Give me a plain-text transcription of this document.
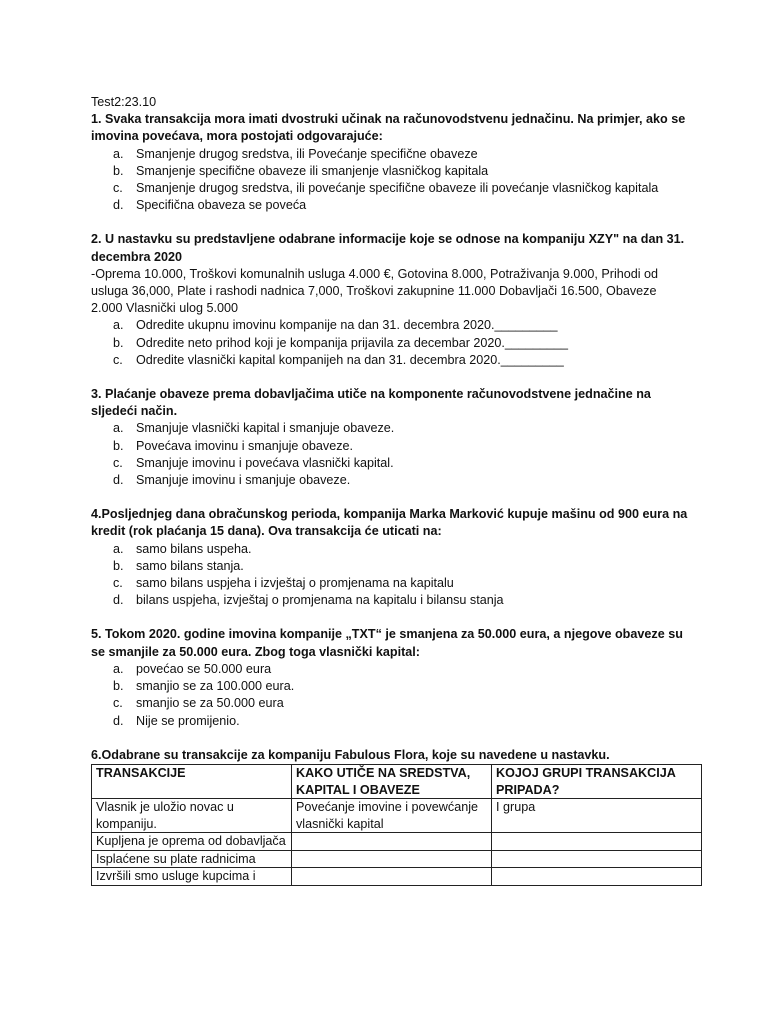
Test2:23.10

1. Svaka transakcija mora imati dvostruki učinak na računovodstvenu jednačinu. Na primjer, ako se imovina povećava, mora postojati odgovarajuće:

a. Smanjenje drugog sredstva, ili Povećanje specifične obaveze
b. Smanjenje specifične obaveze ili smanjenje vlasničkog kapitala
c. Smanjenje drugog sredstva, ili povećanje specifične obaveze ili povećanje vlasničkog kapitala
d. Specifična obaveza se poveća

2. U nastavku su predstavljene odabrane informacije koje se odnose na kompaniju XZY" na dan 31. decembra 2020

-Oprema 10.000, Troškovi komunalnih usluga 4.000 €, Gotovina 8.000, Potraživanja 9.000, Prihodi od usluga 36,000, Plate i rashodi nadnica 7,000, Troškovi zakupnine 11.000 Dobavljači 16.500, Obaveze 2.000 Vlasnički ulog 5.000

a. Odredite ukupnu imovinu kompanije na dan 31. decembra 2020._________
b. Odredite neto prihod koji je kompanija prijavila za decembar 2020._________
c. Odredite vlasnički kapital kompanijeh na dan 31. decembra 2020._________

3. Plaćanje obaveze prema dobavljačima utiče na komponente računovodstvene jednačine na sljedeći način.

a. Smanjuje vlasnički kapital i smanjuje obaveze.
b. Povećava imovinu i smanjuje obaveze.
c. Smanjuje imovinu i povećava vlasnički kapital.
d. Smanjuje imovinu i smanjuje obaveze.

4.Posljednjeg dana obračunskog perioda, kompanija Marka Marković kupuje mašinu od 900 eura na kredit (rok plaćanja 15 dana). Ova transakcija će uticati na:

a. samo bilans uspeha.
b. samo bilans stanja.
c. samo bilans uspjeha i izvještaj o promjenama na kapitalu
d. bilans uspjeha, izvještaj o promjenama na kapitalu i bilansu stanja

5. Tokom 2020. godine imovina kompanije „TXT“ je smanjena za 50.000 eura, a njegove obaveze su se smanjile za 50.000 eura. Zbog toga vlasnički kapital:

a. povećao se 50.000 eura
b. smanjio se za 100.000 eura.
c. smanjio se za 50.000 eura
d. Nije se promijenio.

6.Odabrane su transakcije za kompaniju Fabulous Flora, koje su navedene u nastavku.

TRANSAKCIJE	KAKO UTIČE NA SREDSTVA, KAPITAL I OBAVEZE	KOJOJ GRUPI TRANSAKCIJA PRIPADA?
Vlasnik je uložio novac u kompaniju.	Povećanje imovine i povewćanje vlasnički kapital	I grupa
Kupljena je oprema od dobavljača		
Isplaćene su plate radnicima		
Izvršili smo usluge kupcima i		
